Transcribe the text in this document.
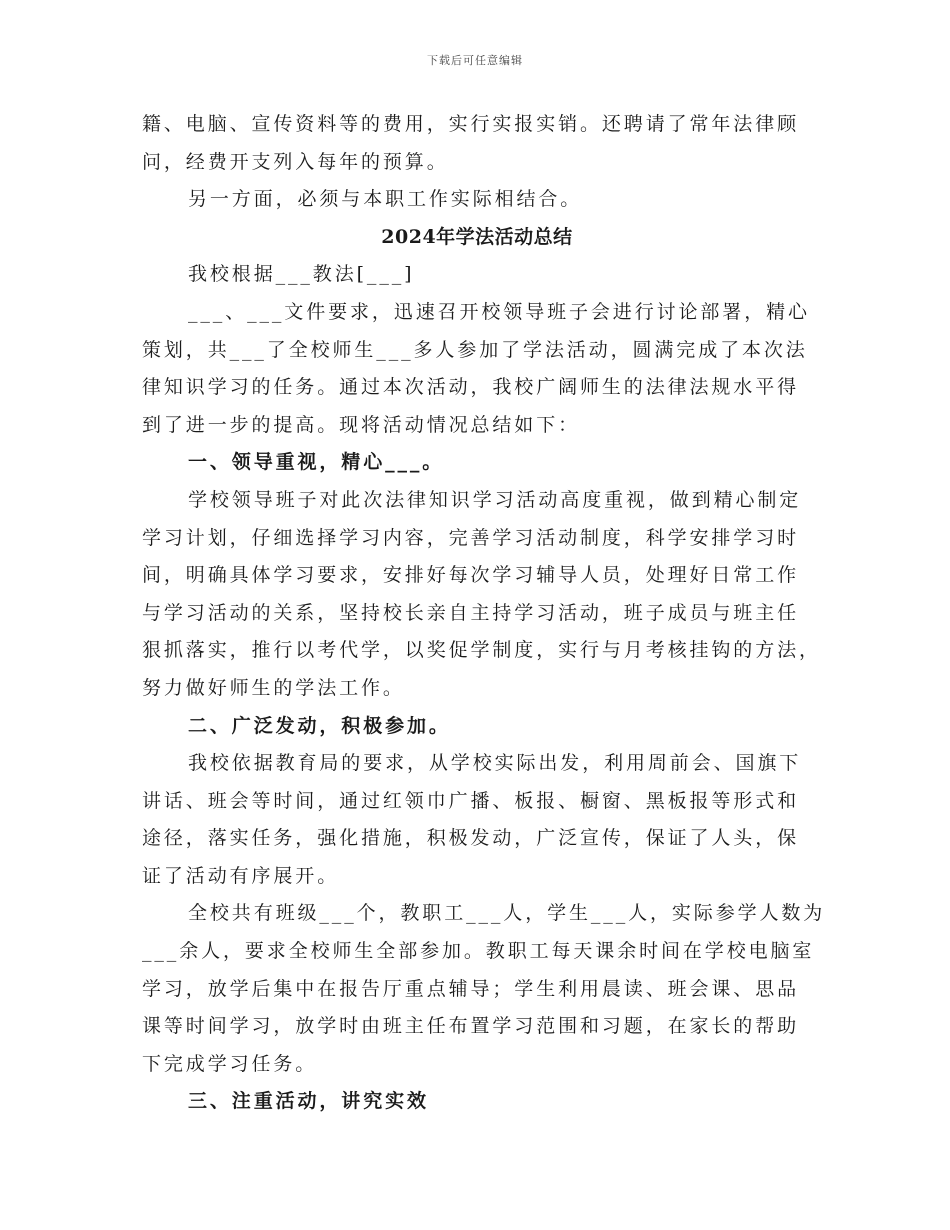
下载后可任意编辑
籍、电脑、宣传资料等的费用，实行实报实销。还聘请了常年法律顾
问，经费开支列入每年的预算。
另一方面，必须与本职工作实际相结合。
2024年学法活动总结
我校根据___教法[___]
___、___文件要求，迅速召开校领导班子会进行讨论部署，精心
策划，共___了全校师生___多人参加了学法活动，圆满完成了本次法
律知识学习的任务。通过本次活动，我校广阔师生的法律法规水平得
到了进一步的提高。现将活动情况总结如下：
一、领导重视，精心___。
学校领导班子对此次法律知识学习活动高度重视，做到精心制定
学习计划，仔细选择学习内容，完善学习活动制度，科学安排学习时
间，明确具体学习要求，安排好每次学习辅导人员，处理好日常工作
与学习活动的关系，坚持校长亲自主持学习活动，班子成员与班主任
狠抓落实，推行以考代学，以奖促学制度，实行与月考核挂钩的方法，
努力做好师生的学法工作。
二、广泛发动，积极参加。
我校依据教育局的要求，从学校实际出发，利用周前会、国旗下
讲话、班会等时间，通过红领巾广播、板报、橱窗、黑板报等形式和
途径，落实任务，强化措施，积极发动，广泛宣传，保证了人头，保
证了活动有序展开。
全校共有班级___个，教职工___人，学生___人，实际参学人数为
___余人，要求全校师生全部参加。教职工每天课余时间在学校电脑室
学习，放学后集中在报告厅重点辅导；学生利用晨读、班会课、思品
课等时间学习，放学时由班主任布置学习范围和习题，在家长的帮助
下完成学习任务。
三、注重活动，讲究实效
